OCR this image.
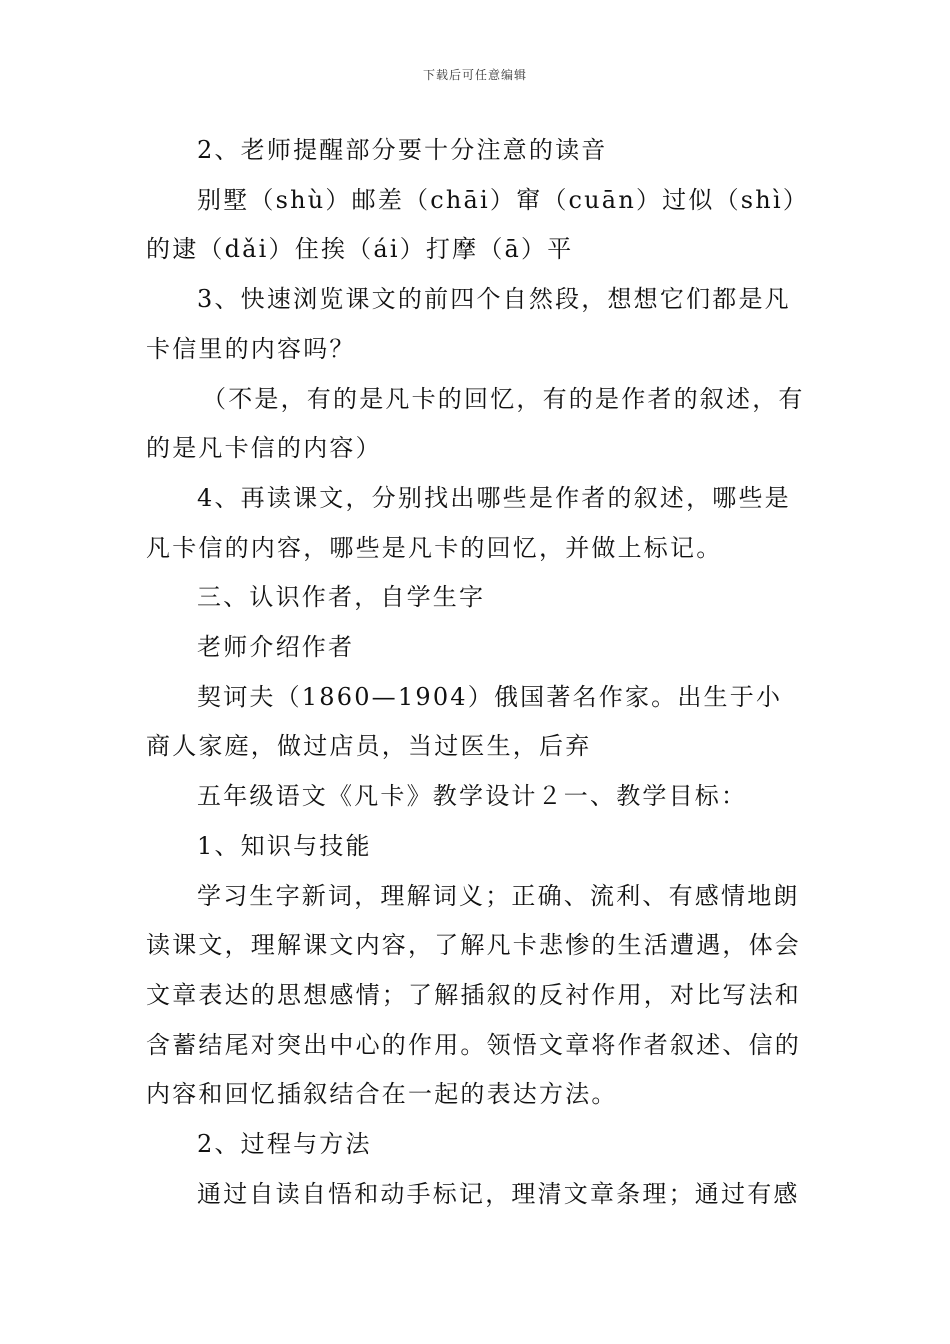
下载后可任意编辑

2、老师提醒部分要十分注意的读音

别墅（shù）邮差（chāi）窜（cuān）过似（shì）的逮（dǎi）住挨（ái）打摩（ā）平

3、快速浏览课文的前四个自然段，想想它们都是凡卡信里的内容吗？

（不是，有的是凡卡的回忆，有的是作者的叙述，有的是凡卡信的内容）

4、再读课文，分别找出哪些是作者的叙述，哪些是凡卡信的内容，哪些是凡卡的回忆，并做上标记。

三、认识作者，自学生字

老师介绍作者

契诃夫（1860—1904）俄国著名作家。出生于小商人家庭，做过店员，当过医生，后弃

五年级语文《凡卡》教学设计２一、教学目标：

1、知识与技能

学习生字新词，理解词义；正确、流利、有感情地朗读课文，理解课文内容，了解凡卡悲惨的生活遭遇，体会文章表达的思想感情；了解插叙的反衬作用，对比写法和含蓄结尾对突出中心的作用。领悟文章将作者叙述、信的内容和回忆插叙结合在一起的表达方法。

2、过程与方法

通过自读自悟和动手标记，理清文章条理；通过有感
